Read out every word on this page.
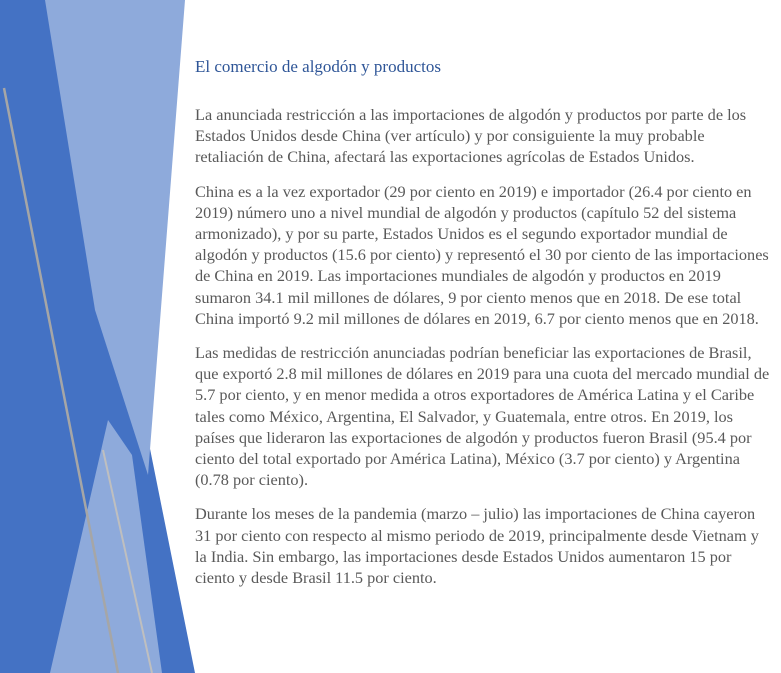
El comercio de algodón y productos

La anunciada restricción a las importaciones de algodón y productos por parte de los Estados Unidos desde China (ver artículo) y por consiguiente la muy probable retaliación de China, afectará las exportaciones agrícolas de Estados Unidos.

China es a la vez exportador (29 por ciento en 2019) e importador (26.4 por ciento en 2019) número uno a nivel mundial de algodón y productos (capítulo 52 del sistema armonizado), y por su parte, Estados Unidos es el segundo exportador mundial de algodón y productos (15.6 por ciento) y representó el 30 por ciento de las importaciones de China en 2019. Las importaciones mundiales de algodón y productos en 2019 sumaron 34.1 mil millones de dólares, 9 por ciento menos que en 2018. De ese total China importó 9.2 mil millones de dólares en 2019, 6.7 por ciento menos que en 2018.

Las medidas de restricción anunciadas podrían beneficiar las exportaciones de Brasil, que exportó 2.8 mil millones de dólares en 2019 para una cuota del mercado mundial de 5.7 por ciento, y en menor medida a otros exportadores de América Latina y el Caribe tales como México, Argentina, El Salvador, y Guatemala, entre otros. En 2019, los países que lideraron las exportaciones de algodón y productos fueron Brasil (95.4 por ciento del total exportado por América Latina), México (3.7 por ciento) y Argentina (0.78 por ciento).

Durante los meses de la pandemia (marzo – julio) las importaciones de China cayeron 31 por ciento con respecto al mismo periodo de 2019, principalmente desde Vietnam y la India. Sin embargo, las importaciones desde Estados Unidos aumentaron 15 por ciento y desde Brasil 11.5 por ciento.
